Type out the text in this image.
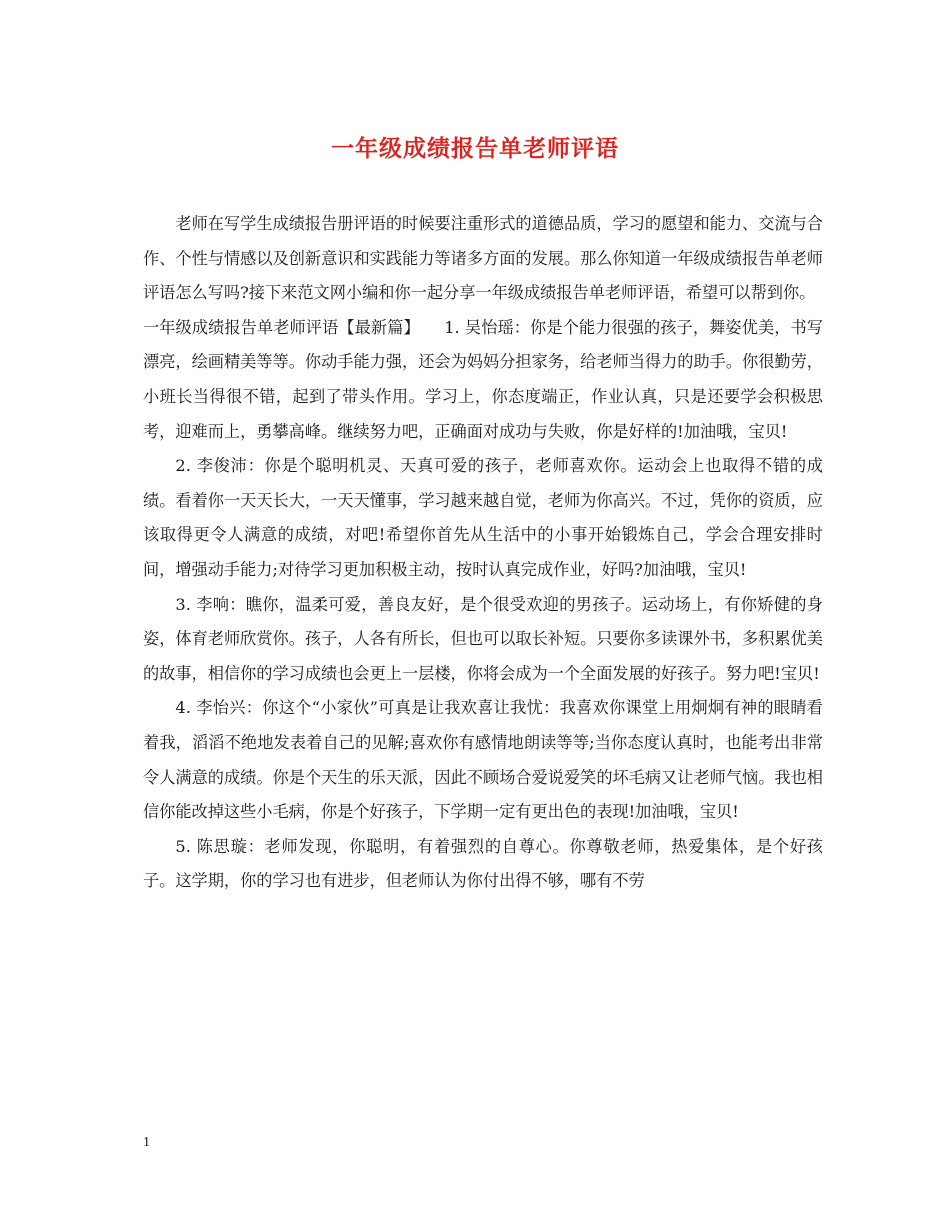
一年级成绩报告单老师评语

老师在写学生成绩报告册评语的时候要注重形式的道德品质，学习的愿望和能力、交流与合作、个性与情感以及创新意识和实践能力等诸多方面的发展。那么你知道一年级成绩报告单老师评语怎么写吗?接下来范文网小编和你一起分享一年级成绩报告单老师评语，希望可以帮到你。

一年级成绩报告单老师评语【最新篇】　　1. 吴怡瑶：你是个能力很强的孩子，舞姿优美，书写漂亮，绘画精美等等。你动手能力强，还会为妈妈分担家务，给老师当得力的助手。你很勤劳，小班长当得很不错，起到了带头作用。学习上，你态度端正，作业认真，只是还要学会积极思考，迎难而上，勇攀高峰。继续努力吧，正确面对成功与失败，你是好样的!加油哦，宝贝!

2. 李俊沛：你是个聪明机灵、天真可爱的孩子，老师喜欢你。运动会上也取得不错的成绩。看着你一天天长大，一天天懂事，学习越来越自觉，老师为你高兴。不过，凭你的资质，应该取得更令人满意的成绩，对吧!希望你首先从生活中的小事开始锻炼自己，学会合理安排时间，增强动手能力;对待学习更加积极主动，按时认真完成作业，好吗?加油哦，宝贝!

3. 李响：瞧你，温柔可爱，善良友好，是个很受欢迎的男孩子。运动场上，有你矫健的身姿，体育老师欣赏你。孩子，人各有所长，但也可以取长补短。只要你多读课外书，多积累优美的故事，相信你的学习成绩也会更上一层楼，你将会成为一个全面发展的好孩子。努力吧!宝贝!

4. 李怡兴：你这个“小家伙”可真是让我欢喜让我忧：我喜欢你课堂上用炯炯有神的眼睛看着我，滔滔不绝地发表着自己的见解;喜欢你有感情地朗读等等;当你态度认真时，也能考出非常令人满意的成绩。你是个天生的乐天派，因此不顾场合爱说爱笑的坏毛病又让老师气恼。我也相信你能改掉这些小毛病，你是个好孩子，下学期一定有更出色的表现!加油哦，宝贝!

5. 陈思璇：老师发现，你聪明，有着强烈的自尊心。你尊敬老师，热爱集体，是个好孩子。这学期，你的学习也有进步，但老师认为你付出得不够，哪有不劳

1
